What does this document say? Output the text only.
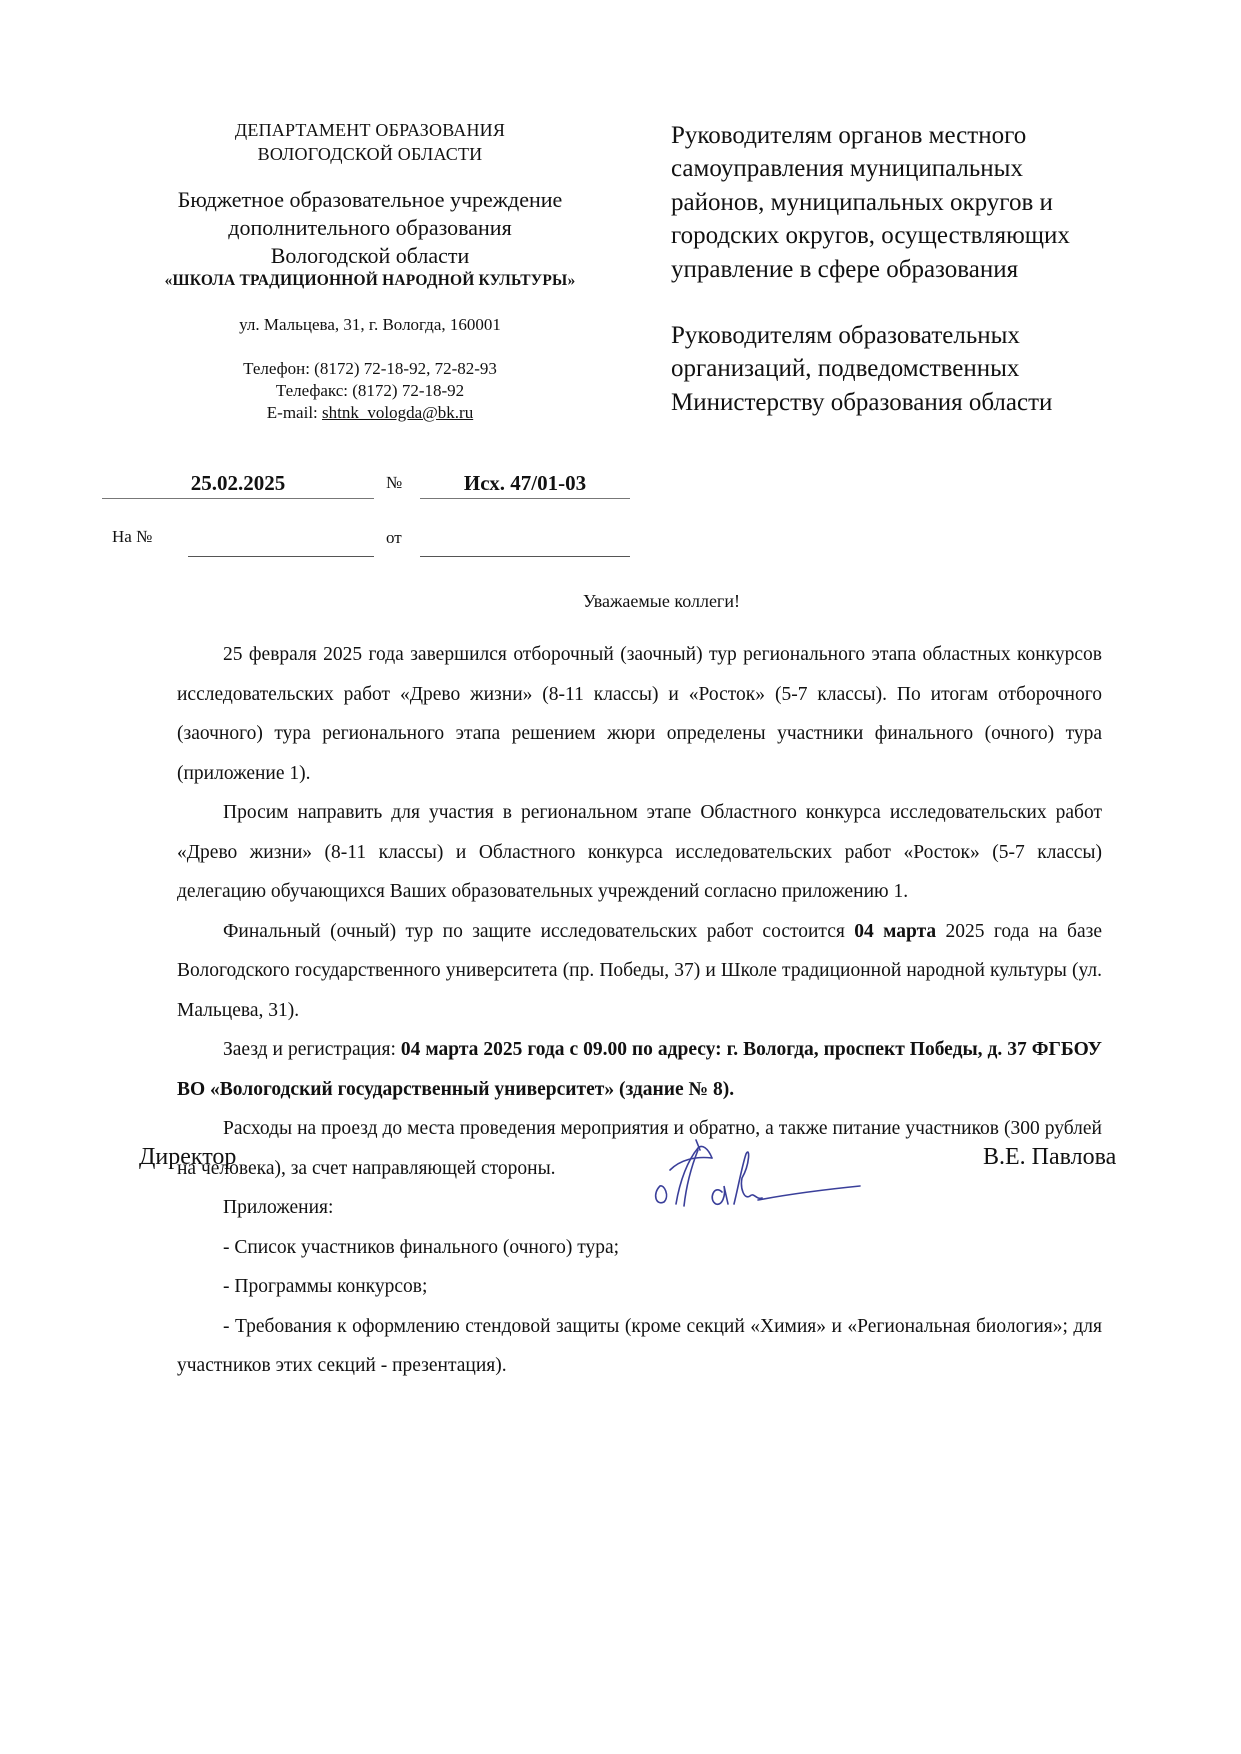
ДЕПАРТАМЕНТ ОБРАЗОВАНИЯ
ВОЛОГОДСКОЙ ОБЛАСТИ
Бюджетное образовательное учреждение
дополнительного образования
Вологодской области
«ШКОЛА ТРАДИЦИОННОЙ НАРОДНОЙ КУЛЬТУРЫ»
ул. Мальцева, 31, г. Вологда, 160001
Телефон: (8172) 72-18-92, 72-82-93
Телефакс: (8172) 72-18-92
E-mail: shtnk_vologda@bk.ru
Руководителям органов местного
самоуправления муниципальных
районов, муниципальных округов и
городских округов, осуществляющих
управление в сфере образования
Руководителям образовательных
организаций, подведомственных
Министерству образования области
25.02.2025	№	Исх. 47/01-03
На №	от
Уважаемые коллеги!

25 февраля 2025 года завершился отборочный (заочный) тур регионального этапа областных конкурсов исследовательских работ «Древо жизни» (8-11 классы) и «Росток» (5-7 классы). По итогам отборочного (заочного) тура регионального этапа решением жюри определены участники финального (очного) тура (приложение 1).

Просим направить для участия в региональном этапе Областного конкурса исследовательских работ «Древо жизни» (8-11 классы) и Областного конкурса исследовательских работ «Росток» (5-7 классы) делегацию обучающихся Ваших образовательных учреждений согласно приложению 1.

Финальный (очный) тур по защите исследовательских работ состоится 04 марта 2025 года на базе Вологодского государственного университета (пр. Победы, 37) и Школе традиционной народной культуры (ул. Мальцева, 31).

Заезд и регистрация: 04 марта 2025 года с 09.00 по адресу: г. Вологда, проспект Победы, д. 37 ФГБОУ ВО «Вологодский государственный университет» (здание № 8).

Расходы на проезд до места проведения мероприятия и обратно, а также питание участников (300 рублей на человека), за счет направляющей стороны.

Приложения:

- Список участников финального (очного) тура;

- Программы конкурсов;

- Требования к оформлению стендовой защиты (кроме секций «Химия» и «Региональная биология»; для участников этих секций - презентация).

Директор	В.Е. Павлова
